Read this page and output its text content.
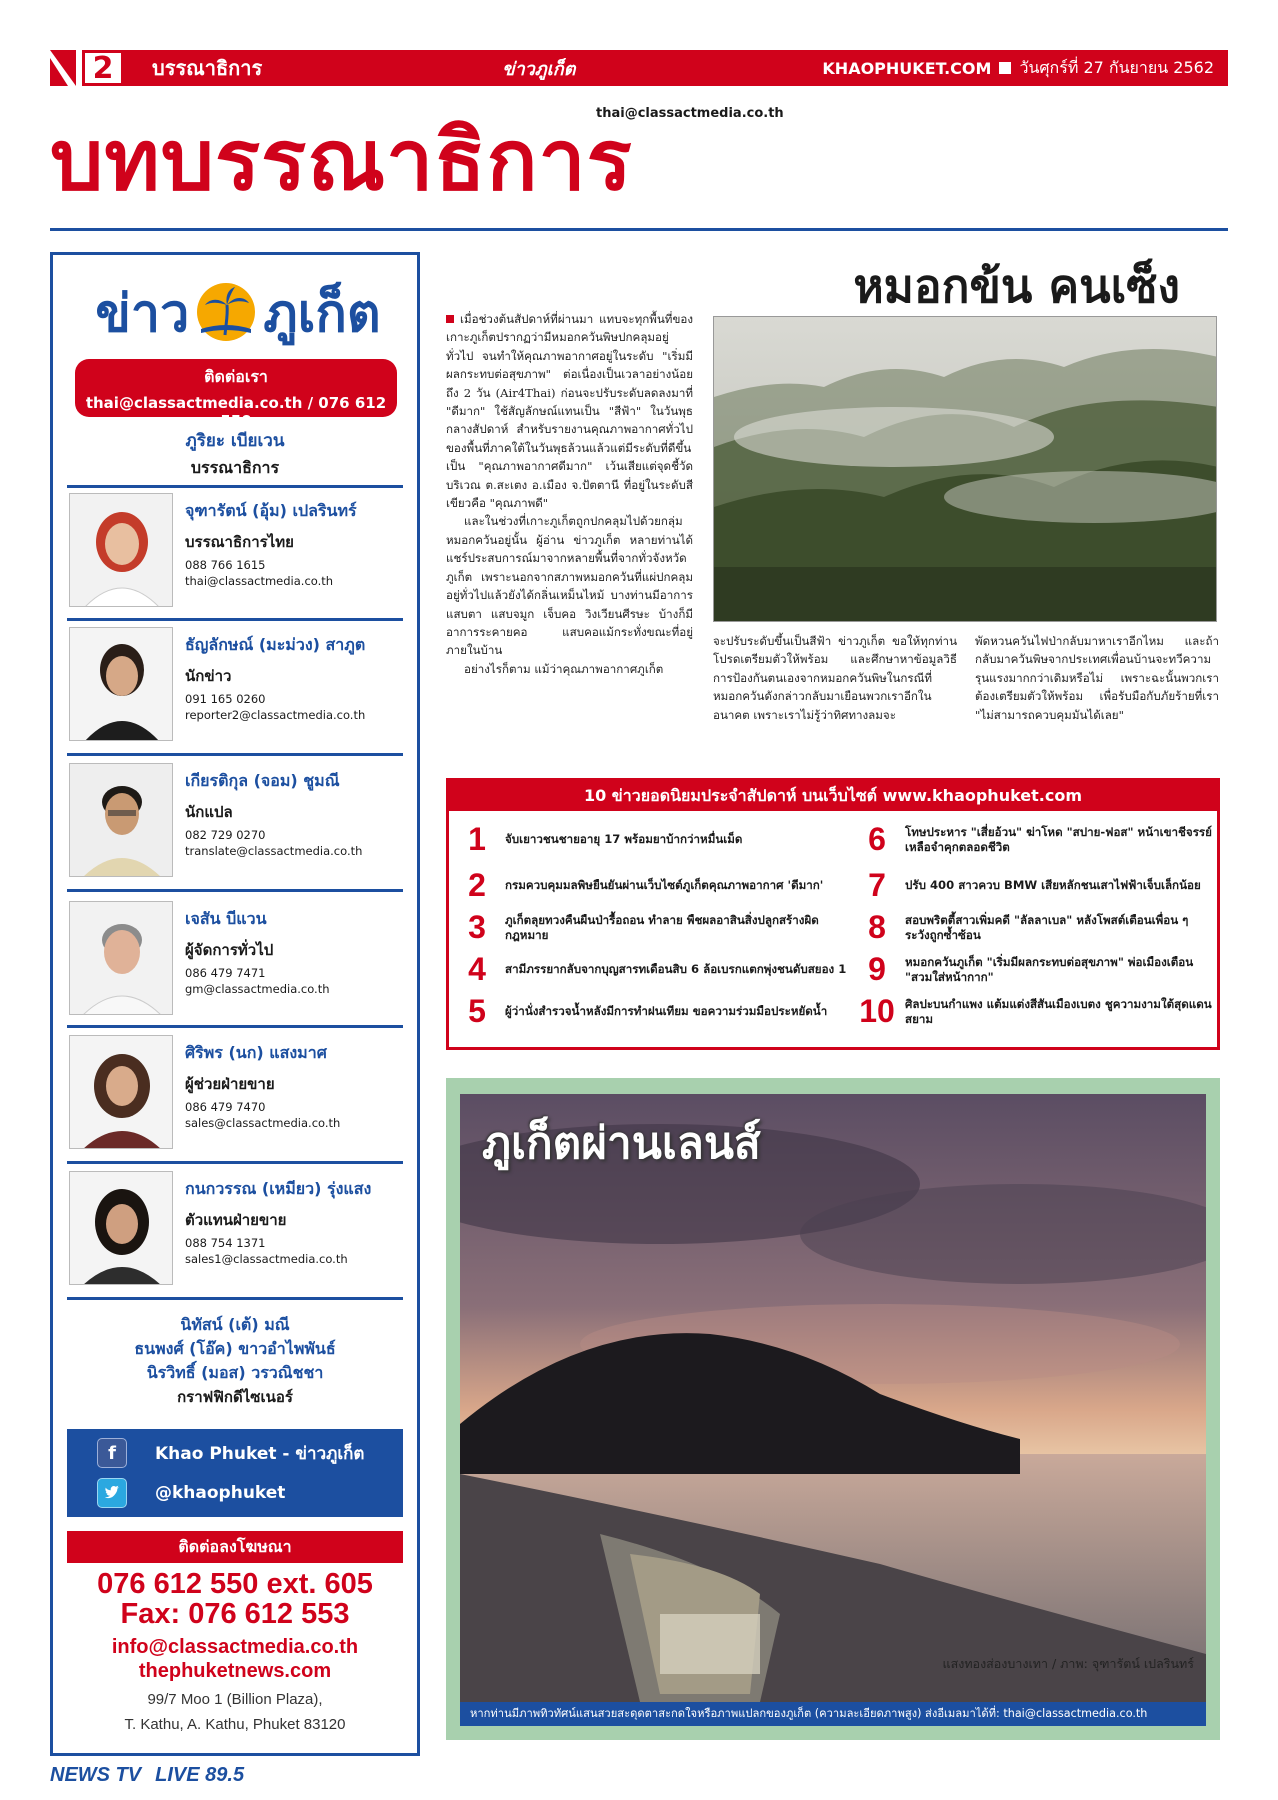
2	บรรณาธิการ	ข่าวภูเก็ต	KHAOPHUKET.COM วันศุกร์ที่ 27 กันยายน 2562
thai@classactmedia.co.th
บทบรรณาธิการ
ข่าว ภูเก็ต
ติดต่อเรา
thai@classactmedia.co.th / 076 612 550
ภูริยะ เบียเวน
บรรณาธิการ
จุฑารัตน์ (อุ้ม) เปลรินทร์
บรรณาธิการไทย
088 766 1615
thai@classactmedia.co.th
ธัญลักษณ์ (มะม่วง) สาภูต
นักข่าว
091 165 0260
reporter2@classactmedia.co.th
เกียรติกุล (จอม) ชูมณี
นักแปล
082 729 0270
translate@classactmedia.co.th
เจสัน บีแวน
ผู้จัดการทั่วไป
086 479 7471
gm@classactmedia.co.th
ศิริพร (นก) แสงมาศ
ผู้ช่วยฝ่ายขาย
086 479 7470
sales@classactmedia.co.th
กนกวรรณ (เหมียว) รุ่งแสง
ตัวแทนฝ่ายขาย
088 754 1371
sales1@classactmedia.co.th
นิทัสน์ (เต้) มณี
ธนพงศ์ (โอ๊ค) ขาวอำไพพันธ์
นิรวิทธิ์ (มอส) วรวณิชชา
กราฟฟิกดีไซเนอร์
f	Khao Phuket - ข่าวภูเก็ต
@khaophuket
ติดต่อลงโฆษณา
076 612 550 ext. 605
Fax: 076 612 553
info@classactmedia.co.th
thephuketnews.com
99/7 Moo 1 (Billion Plaza),
T. Kathu, A. Kathu, Phuket 83120
หมอกข้น คนเซ็ง

เมื่อช่วงต้นสัปดาห์ที่ผ่านมา แทบจะทุกพื้นที่ของเกาะภูเก็ตปรากฏว่ามีหมอกควันพิษปกคลุมอยู่ทั่วไป จนทำให้คุณภาพอากาศอยู่ในระดับ "เริ่มมีผลกระทบต่อสุขภาพ" ต่อเนื่องเป็นเวลาอย่างน้อยถึง 2 วัน (Air4Thai) ก่อนจะปรับระดับลดลงมาที่ "ดีมาก" ใช้สัญลักษณ์แทนเป็น "สีฟ้า" ในวันพุธกลางสัปดาห์ สำหรับรายงานคุณภาพอากาศทั่วไปของพื้นที่ภาคใต้ในวันพุธล้วนแล้วแต่มีระดับที่ดีขึ้นเป็น "คุณภาพอากาศดีมาก" เว้นเสียแต่จุดชี้วัดบริเวณ ต.สะเตง อ.เมือง จ.ปัตตานี ที่อยู่ในระดับสีเขียวคือ "คุณภาพดี"

และในช่วงที่เกาะภูเก็ตถูกปกคลุมไปด้วยกลุ่มหมอกควันอยู่นั้น ผู้อ่าน ข่าวภูเก็ต หลายท่านได้แชร์ประสบการณ์มาจากหลายพื้นที่จากทั่วจังหวัดภูเก็ต เพราะนอกจากสภาพหมอกควันที่แผ่ปกคลุมอยู่ทั่วไปแล้วยังได้กลิ่นเหม็นไหม้ บางท่านมีอาการแสบตา แสบจมูก เจ็บคอ วิงเวียนศีรษะ บ้างก็มีอาการระคายคอ แสบคอแม้กระทั่งขณะที่อยู่ภายในบ้าน

อย่างไรก็ตาม แม้ว่าคุณภาพอากาศภูเก็ต

จะปรับระดับขึ้นเป็นสีฟ้า ข่าวภูเก็ต ขอให้ทุกท่านโปรดเตรียมตัวให้พร้อม และศึกษาหาข้อมูลวิธีการป้องกันตนเองจากหมอกควันพิษในกรณีที่หมอกควันดังกล่าวกลับมาเยือนพวกเราอีกในอนาคต เพราะเราไม่รู้ว่าทิศทางลมจะ

พัดหวนควันไฟป่ากลับมาหาเราอีกไหม และถ้ากลับมาควันพิษจากประเทศเพื่อนบ้านจะทวีความรุนแรงมากกว่าเดิมหรือไม่ เพราะฉะนั้นพวกเราต้องเตรียมตัวให้พร้อม เพื่อรับมือกับภัยร้ายที่เรา "ไม่สามารถควบคุมมันได้เลย"

10 ข่าวยอดนิยมประจำสัปดาห์ บนเว็บไซต์ www.khaophuket.com
1	จับเยาวชนชายอายุ 17 พร้อมยาบ้ากว่าหมื่นเม็ด
2	กรมควบคุมมลพิษยืนยันผ่านเว็บไซต์ภูเก็ตคุณภาพอากาศ 'ดีมาก'
3	ภูเก็ตลุยทวงคืนผืนป่ารื้อถอน ทำลาย พืชผลอาสินสิ่งปลูกสร้างผิดกฎหมาย
4	สามีภรรยากลับจากบุญสารทเดือนสิบ 6 ล้อเบรกแตกพุ่งชนดับสยอง 1
5	ผู้ว่านั่งสำรวจน้ำหลังมีการทำฝนเทียม ขอความร่วมมือประหยัดน้ำ
6	โทษประหาร "เสี่ยอ้วน" ฆ่าโหด "สปาย-ฟอส" หน้าเขาชีจรรย์ เหลือจำคุกตลอดชีวิต
7	ปรับ 400 สาวควบ BMW เสียหลักชนเสาไฟฟ้าเจ็บเล็กน้อย
8	สอบพริตตี้สาวเพิ่มคดี "ลัลลาเบล" หลังโพสต์เตือนเพื่อน ๆ ระวังถูกซ้ำซ้อน
9	หมอกควันภูเก็ต "เริ่มมีผลกระทบต่อสุขภาพ" พ่อเมืองเตือน "สวมใส่หน้ากาก"
10 ศิลปะบนกำแพง แต้มแต่งสีสันเมืองเบตง ชูความงามใต้สุดแดนสยาม
ภูเก็ตผ่านเลนส์
แสงทองส่องบางเทา / ภาพ: จุฑารัตน์ เปลรินทร์
หากท่านมีภาพทิวทัศน์แสนสวยสะดุดตาสะกดใจหรือภาพแปลกของภูเก็ต (ความละเอียดภาพสูง) ส่งอีเมลมาได้ที่: thai@classactmedia.co.th
NEWS TV LIVE 89.5
